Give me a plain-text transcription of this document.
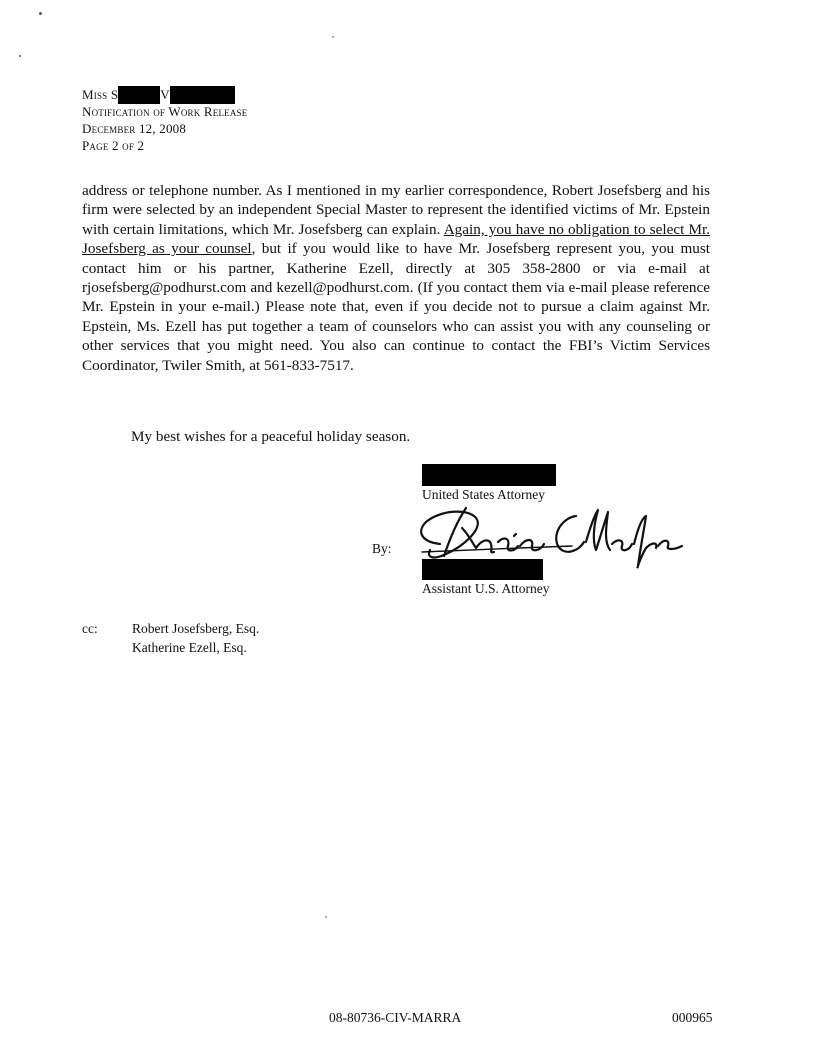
Miss S	V
Notification of Work Release
December 12, 2008
Page 2 of 2
address or telephone number. As I mentioned in my earlier correspondence, Robert Josefsberg and his firm were selected by an independent Special Master to represent the identified victims of Mr. Epstein with certain limitations, which Mr. Josefsberg can explain. Again, you have no obligation to select Mr. Josefsberg as your counsel, but if you would like to have Mr. Josefsberg represent you, you must contact him or his partner, Katherine Ezell, directly at 305 358-2800 or via e-mail at rjosefsberg@podhurst.com and kezell@podhurst.com. (If you contact them via e-mail please reference Mr. Epstein in your e-mail.) Please note that, even if you decide not to pursue a claim against Mr. Epstein, Ms. Ezell has put together a team of counselors who can assist you with any counseling or other services that you might need. You also can continue to contact the FBI’s Victim Services Coordinator, Twiler Smith, at 561-833-7517.
My best wishes for a peaceful holiday season.
United States Attorney
By:
Assistant U.S. Attorney
cc:	Robert Josefsberg, Esq.
Katherine Ezell, Esq.
08-80736-CIV-MARRA	000965
